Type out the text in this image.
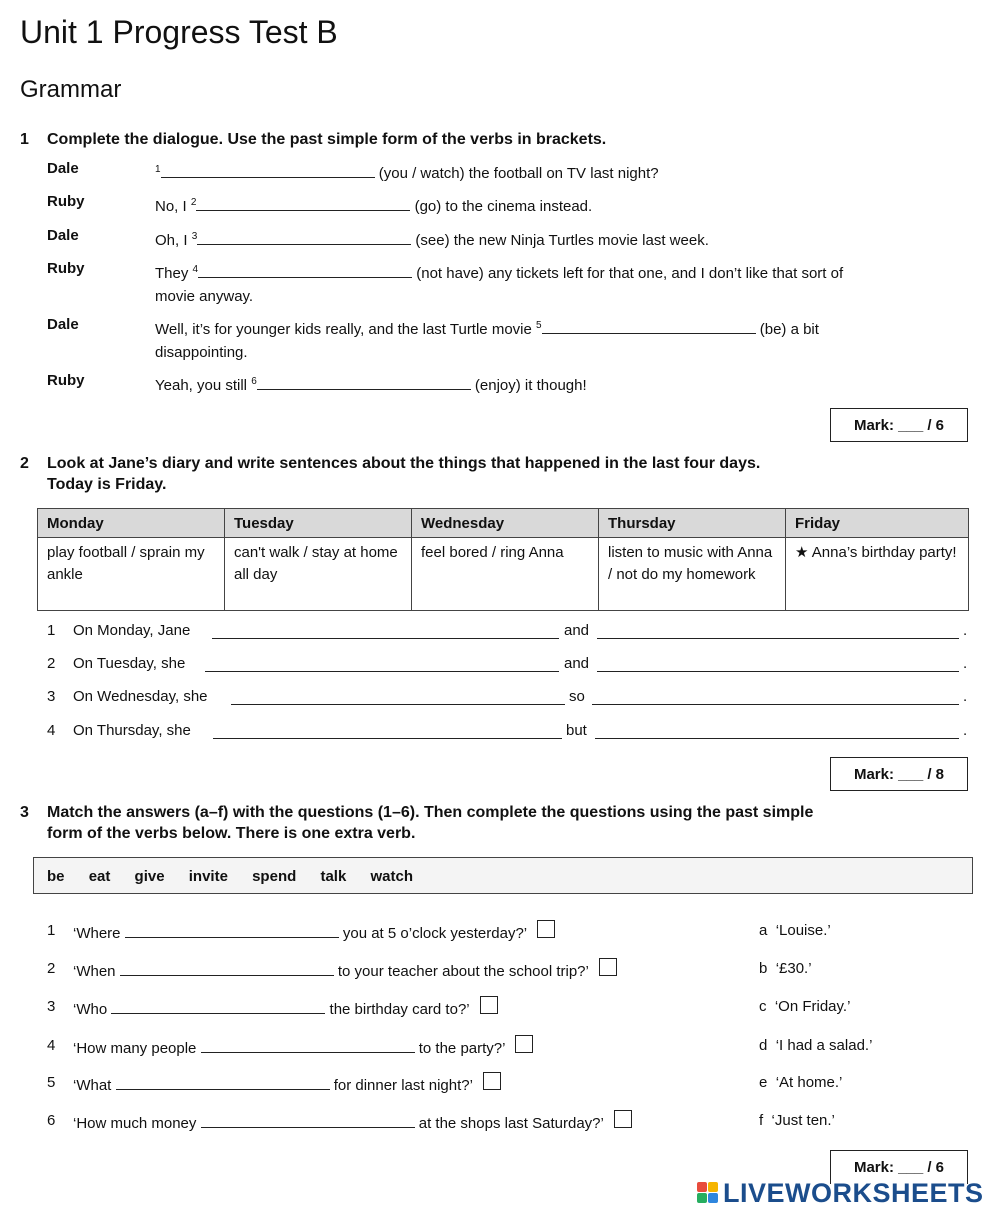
Unit 1 Progress Test B
Grammar
1 Complete the dialogue. Use the past simple form of the verbs in brackets.
Dale	$^1$	(you / watch) the football on TV last night?
Ruby	No, I $^2$	(go) to the cinema instead.
Dale	Oh, I $^3$	(see) the new Ninja Turtles movie last week.
Ruby	They $^4$	(not have) any tickets left for that one, and I don’t like that sort of
movie anyway.
Dale	Well, it’s for younger kids really, and the last Turtle movie $^5$	(be) a bit
disappointing.
Ruby	Yeah, you still $^6$	(enjoy) it though!
Mark: ___ / 6
2 Look at Jane’s diary and write sentences about the things that happened in the last four days.
Today is Friday.
Monday	Tuesday	Wednesday	Thursday	Friday
play football / sprain my ankle	can't walk / stay at home all day	feel bored / ring Anna	listen to music with Anna / not do my homework	★ Anna’s birthday party!
1 On Monday, Jane	and	.
2 On Tuesday, she	and	.
3 On Wednesday, she	so	.
4 On Thursday, she	but	.
Mark: ___ / 8
3 Match the answers (a–f) with the questions (1–6). Then complete the questions using the past simple
form of the verbs below. There is one extra verb.
be eat give invite spend talk watch
1 ‘Where	you at 5 o’clock yesterday?’
2 ‘When	to your teacher about the school trip?’
3 ‘Who	the birthday card to?’
4 ‘How many people	to the party?’
5 ‘What	for dinner last night?’
6 ‘How much money	at the shops last Saturday?’
a ‘Louise.’
b ‘£30.’
c ‘On Friday.’
d ‘I had a salad.’
e ‘At home.’
f ‘Just ten.’
Mark: ___ / 6
LIVEWORKSHEETS
